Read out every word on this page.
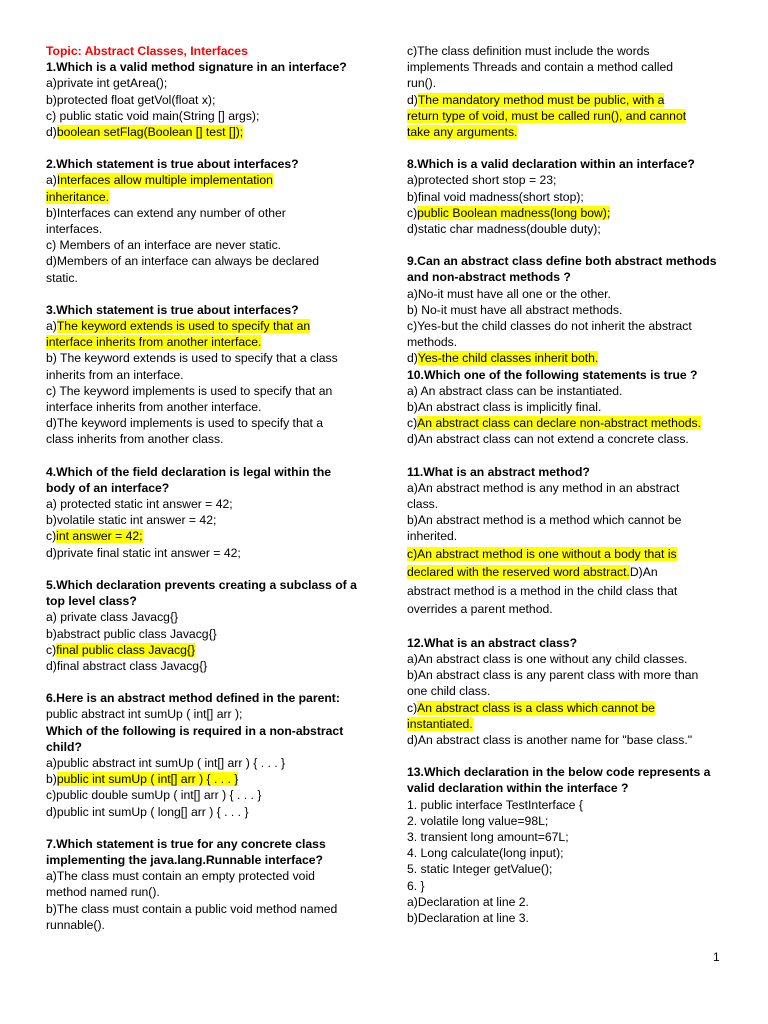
Topic: Abstract Classes, Interfaces
1.Which is a valid method signature in an interface?
a)private int getArea();
b)protected float getVol(float x);
c) public static void main(String [] args);
d)boolean setFlag(Boolean [] test []);
2.Which statement is true about interfaces?
a)Interfaces allow multiple implementation
inheritance.
b)Interfaces can extend any number of other
interfaces.
c) Members of an interface are never static.
d)Members of an interface can always be declared
static.
3.Which statement is true about interfaces?
a)The keyword extends is used to specify that an
interface inherits from another interface.
b) The keyword extends is used to specify that a class
inherits from an interface.
c) The keyword implements is used to specify that an
interface inherits from another interface.
d)The keyword implements is used to specify that a
class inherits from another class.
4.Which of the field declaration is legal within the
body of an interface?
a) protected static int answer = 42;
b)volatile static int answer = 42;
c)int answer = 42;
d)private final static int answer = 42;
5.Which declaration prevents creating a subclass of a
top level class?
a) private class Javacg{}
b)abstract public class Javacg{}
c)final public class Javacg{}
d)final abstract class Javacg{}
6.Here is an abstract method defined in the parent:
public abstract int sumUp ( int[] arr );
Which of the following is required in a non-abstract
child?
a)public abstract int sumUp ( int[] arr ) { . . . }
b)public int sumUp ( int[] arr ) { . . . }
c)public double sumUp ( int[] arr ) { . . . }
d)public int sumUp ( long[] arr ) { . . . }
7.Which statement is true for any concrete class
implementing the java.lang.Runnable interface?
a)The class must contain an empty protected void
method named run().
b)The class must contain a public void method named
runnable().
c)The class definition must include the words
implements Threads and contain a method called
run().
d)The mandatory method must be public, with a
return type of void, must be called run(), and cannot
take any arguments.
8.Which is a valid declaration within an interface?
a)protected short stop = 23;
b)final void madness(short stop);
c)public Boolean madness(long bow);
d)static char madness(double duty);
9.Can an abstract class define both abstract methods
and non-abstract methods ?
a)No-it must have all one or the other.
b) No-it must have all abstract methods.
c)Yes-but the child classes do not inherit the abstract
methods.
d)Yes-the child classes inherit both.
10.Which one of the following statements is true ?
a) An abstract class can be instantiated.
b)An abstract class is implicitly final.
c)An abstract class can declare non-abstract methods.
d)An abstract class can not extend a concrete class.
11.What is an abstract method?
a)An abstract method is any method in an abstract
class.
b)An abstract method is a method which cannot be
inherited.
c)An abstract method is one without a body that is
declared with the reserved word abstract.D)An
abstract method is a method in the child class that
overrides a parent method.
12.What is an abstract class?
a)An abstract class is one without any child classes.
b)An abstract class is any parent class with more than
one child class.
c)An abstract class is a class which cannot be
instantiated.
d)An abstract class is another name for "base class."
13.Which declaration in the below code represents a
valid declaration within the interface ?
1. public interface TestInterface {
2. volatile long value=98L;
3. transient long amount=67L;
4. Long calculate(long input);
5. static Integer getValue();
6. }
a)Declaration at line 2.
b)Declaration at line 3.
1
